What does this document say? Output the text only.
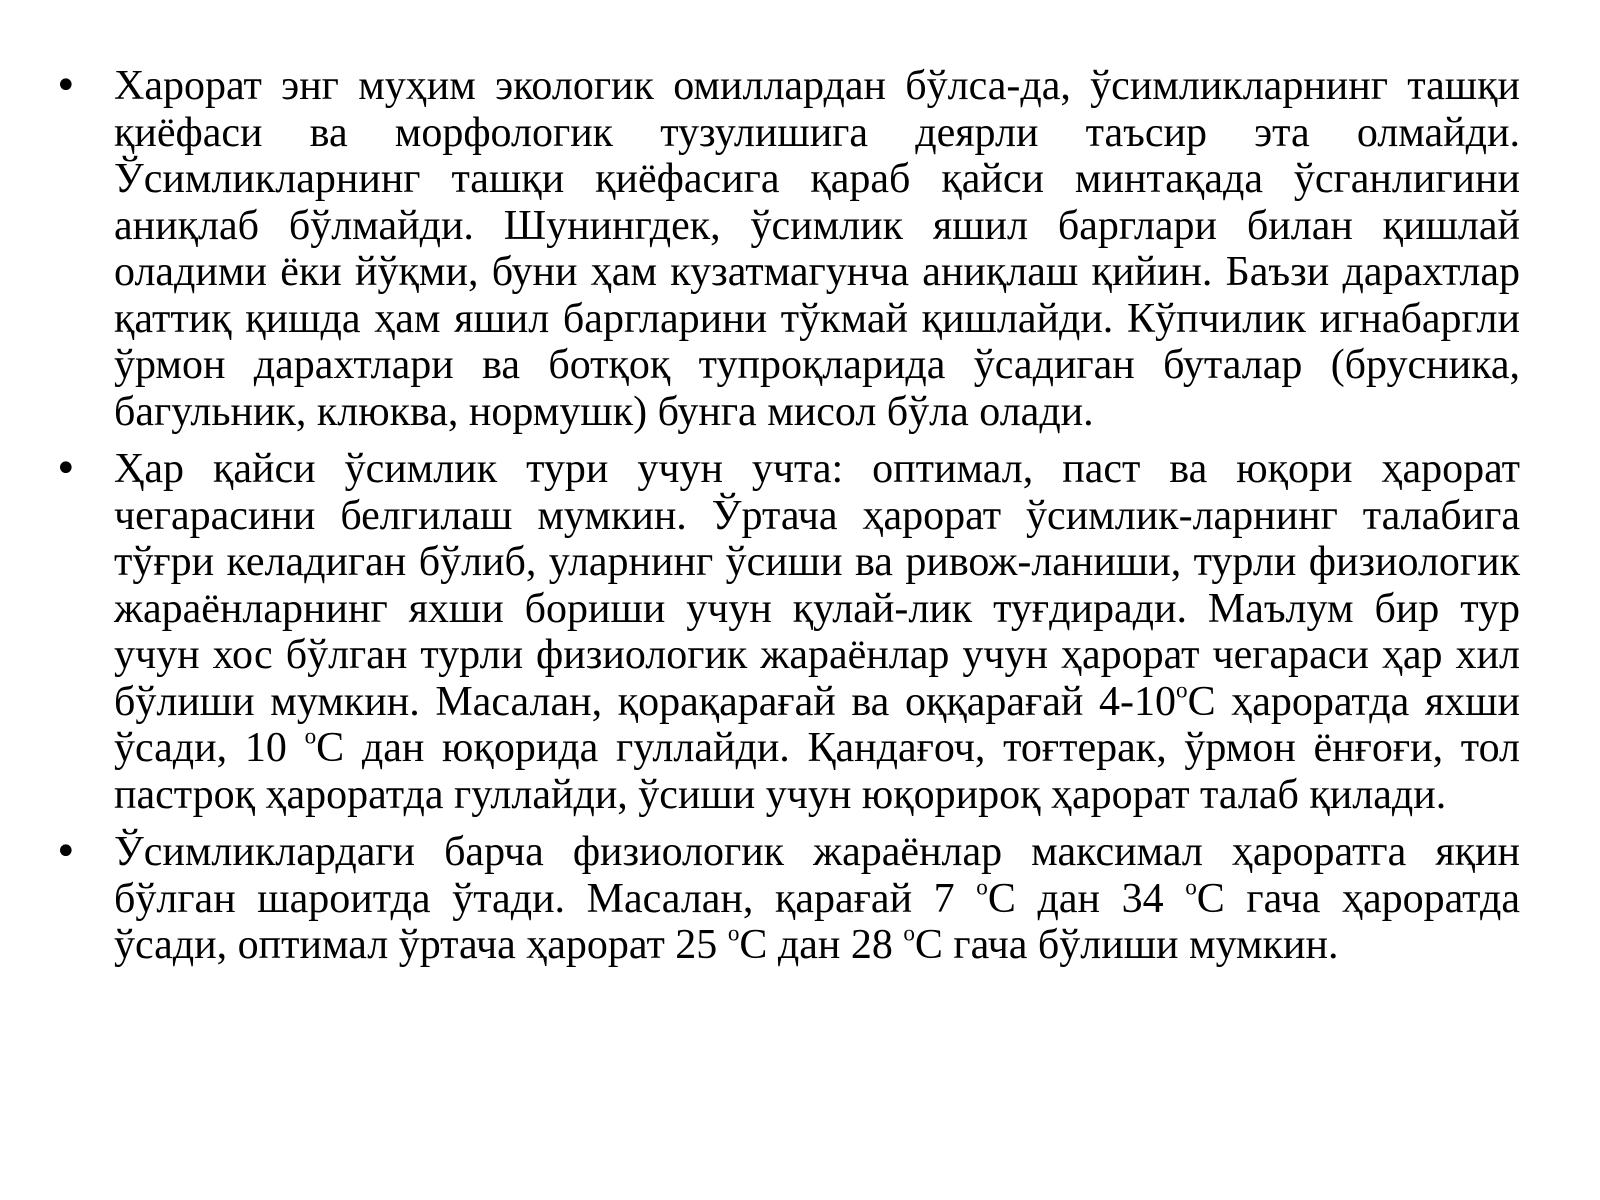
• Харорат энг муҳим экологик омиллардан бўлса-да, ўсимликларнинг ташқи қиёфаси ва морфологик тузулишига деярли таъсир эта олмайди. Ўсимликларнинг ташқи қиёфасига қараб қайси минтақада ўсганлигини аниқлаб бўлмайди. Шунингдек, ўсимлик яшил барглари билан қишлай оладими ёки йўқми, буни ҳам кузатмагунча аниқлаш қийин. Баъзи дарахтлар қаттиқ қишда ҳам яшил баргларини тўкмай қишлайди. Кўпчилик игнабаргли ўрмон дарахтлари ва ботқоқ тупроқларида ўсадиган буталар (брусника, багульник, клюква, нормушк) бунга мисол бўла олади.

• Ҳар қайси ўсимлик тури учун учта: оптимал, паст ва юқори ҳарорат чегарасини белгилаш мумкин. Ўртача ҳарорат ўсимлик-ларнинг талабига тўғри келадиган бўлиб, уларнинг ўсиши ва ривож-ланиши, турли физиологик жараёнларнинг яхши бориши учун қулай-лик туғдиради. Маълум бир тур учун хос бўлган турли физиологик жараёнлар учун ҳарорат чегараси ҳар хил бўлиши мумкин. Масалан, қорақарағай ва оққарағай $4-10^оС$ ҳароратда яхши ўсади, 10 $^о$С дан юқорида гуллайди. Қандағоч, тоғтерак, ўрмон ёнғоғи, тол пастроқ ҳароратда гуллайди, ўсиши учун юқорироқ ҳарорат талаб қилади.

• Ўсимликлардаги барча физиологик жараёнлар максимал ҳароратга яқин бўлган шароитда ўтади. Масалан, қарағай 7 $^о$С дан 34 $^о$С гача ҳароратда ўсади, оптимал ўртача ҳарорат 25 $^о$С дан 28 $^о$С гача бўлиши мумкин.
